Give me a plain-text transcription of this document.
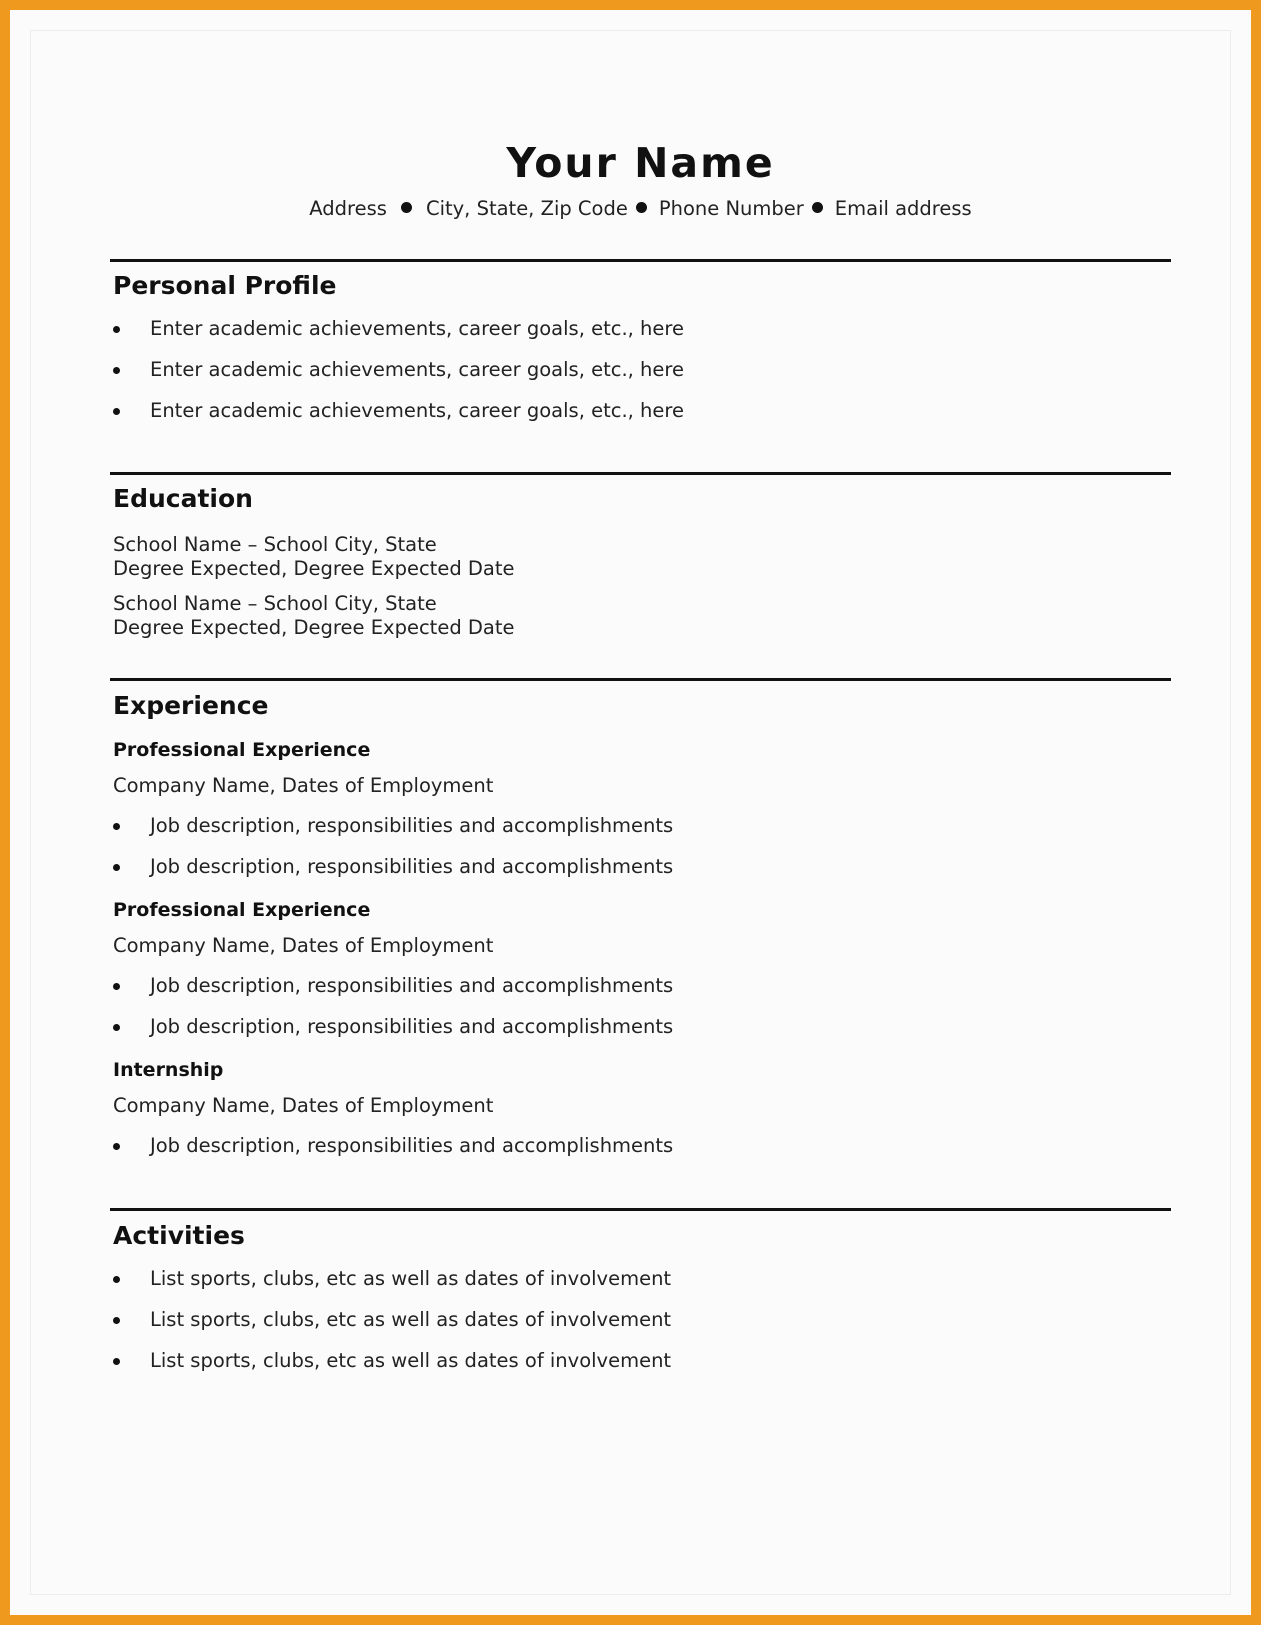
Your Name
Address City, State, Zip Code Phone Number Email address
Personal Profile
Enter academic achievements, career goals, etc., here
Enter academic achievements, career goals, etc., here
Enter academic achievements, career goals, etc., here
Education
School Name – School City, State
Degree Expected, Degree Expected Date
School Name – School City, State
Degree Expected, Degree Expected Date
Experience
Professional Experience
Company Name, Dates of Employment
Job description, responsibilities and accomplishments
Job description, responsibilities and accomplishments
Professional Experience
Company Name, Dates of Employment
Job description, responsibilities and accomplishments
Job description, responsibilities and accomplishments
Internship
Company Name, Dates of Employment
Job description, responsibilities and accomplishments
Activities
List sports, clubs, etc as well as dates of involvement
List sports, clubs, etc as well as dates of involvement
List sports, clubs, etc as well as dates of involvement
